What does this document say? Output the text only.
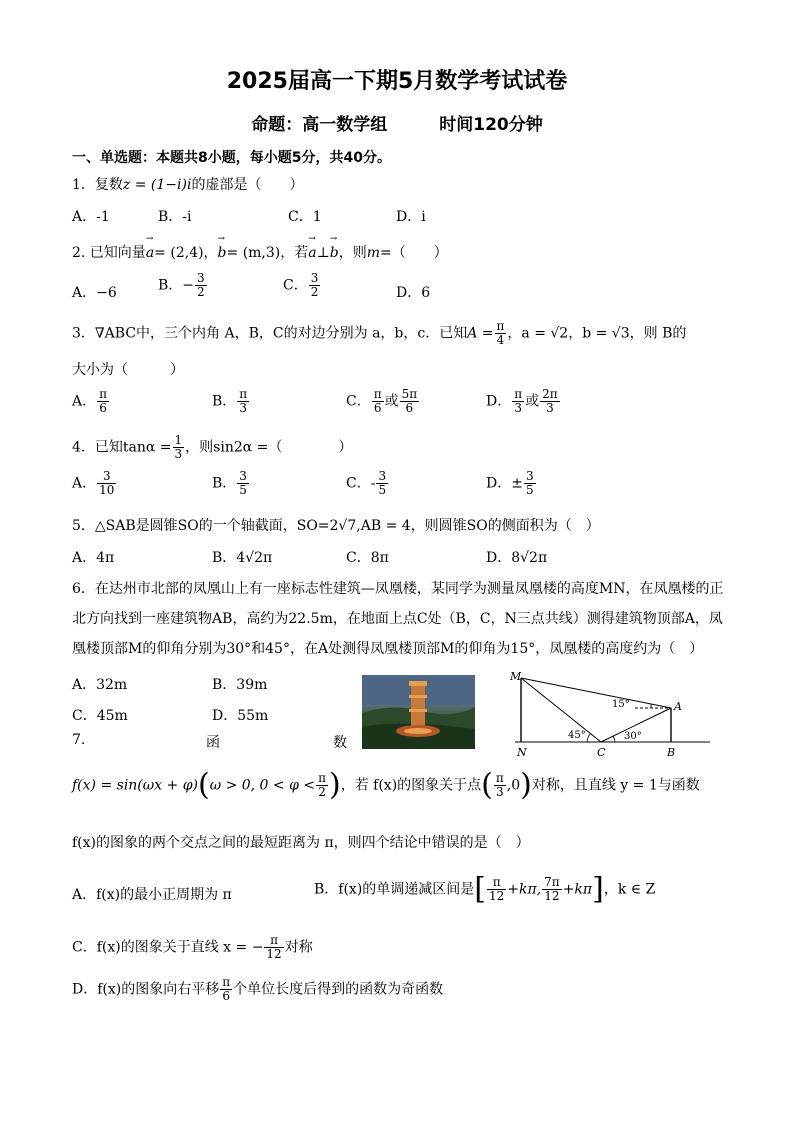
2025届高一下期5月数学考试试卷
命题：高一数学组	时间120分钟
一、单选题：本题共8小题，每小题5分，共40分。
1．复数z = (1−i)i的虚部是（　　）
A．-1	B．-i	C．1	D．i
2. 已知向量→ a= (2,4)，→ b= (m,3)，若→ a⊥→ b，则m=（　　）
A．−6	B．− $\frac{3}{2}$	C． $\frac{3}{2}$	D．6
3．∇ABC中，三个内角 A，B，C的对边分别为 a，b，c．已知$A = \frac{\pi}{4}$ ，a = √2，b = √3，则 B的
大小为（　　　）
A． $\frac{\pi}{6}$	B． $\frac{\pi}{3}$	C． $\frac{\pi}{6}$ 或 $\frac{5\pi}{6}$	D． $\frac{\pi}{3}$ 或 $\frac{2\pi}{3}$
4．已知$\tan\alpha = \frac{1}{3}$ ，则sin2α =（　　　　）
A． $\frac{3}{10}$	B． $\frac{3}{5}$	C．- $\frac{3}{5}$	D．± $\frac{3}{5}$
5．△SAB是圆锥SO的一个轴截面，SO=2√7,AB = 4，则圆锥SO的侧面积为（　）
A．4π	B．4√2π	C．8π	D．8√2π
6．在达州市北部的凤凰山上有一座标志性建筑—凤凰楼，某同学为测量凤凰楼的高度MN，在凤凰楼的正
北方向找到一座建筑物AB，高约为22.5m，在地面上点C处（B，C，N三点共线）测得建筑物顶部A，凤
凰楼顶部M的仰角分别为30°和45°，在A处测得凤凰楼顶部M的仰角为15°，凤凰楼的高度约为（　）
A．32m	B．39m
C．45m	D．55m
M
A
N	C	B
15°
45°	30°
7.	函	数
f(x) = sin(ωx + φ)(ω > 0, $0 < \varphi < \frac{\pi}{2}$ )，若 f(x)的图象关于点( $\frac{\pi}{3} ,0$)对称，且直线 y = 1与函数
f(x)的图象的两个交点之间的最短距离为 π，则四个结论中错误的是（　）
A．f(x)的最小正周期为 π	B．f(x)的单调递减区间是[ $\frac{\pi}{12} +k\pi$, $\frac{7\pi}{12} +k\pi$]，k ∈ Z
C．f(x)的图象关于直线 x = − $\frac{\pi}{12}$ 对称
D．f(x)的图象向右平移 $\frac{\pi}{6}$ 个单位长度后得到的函数为奇函数
